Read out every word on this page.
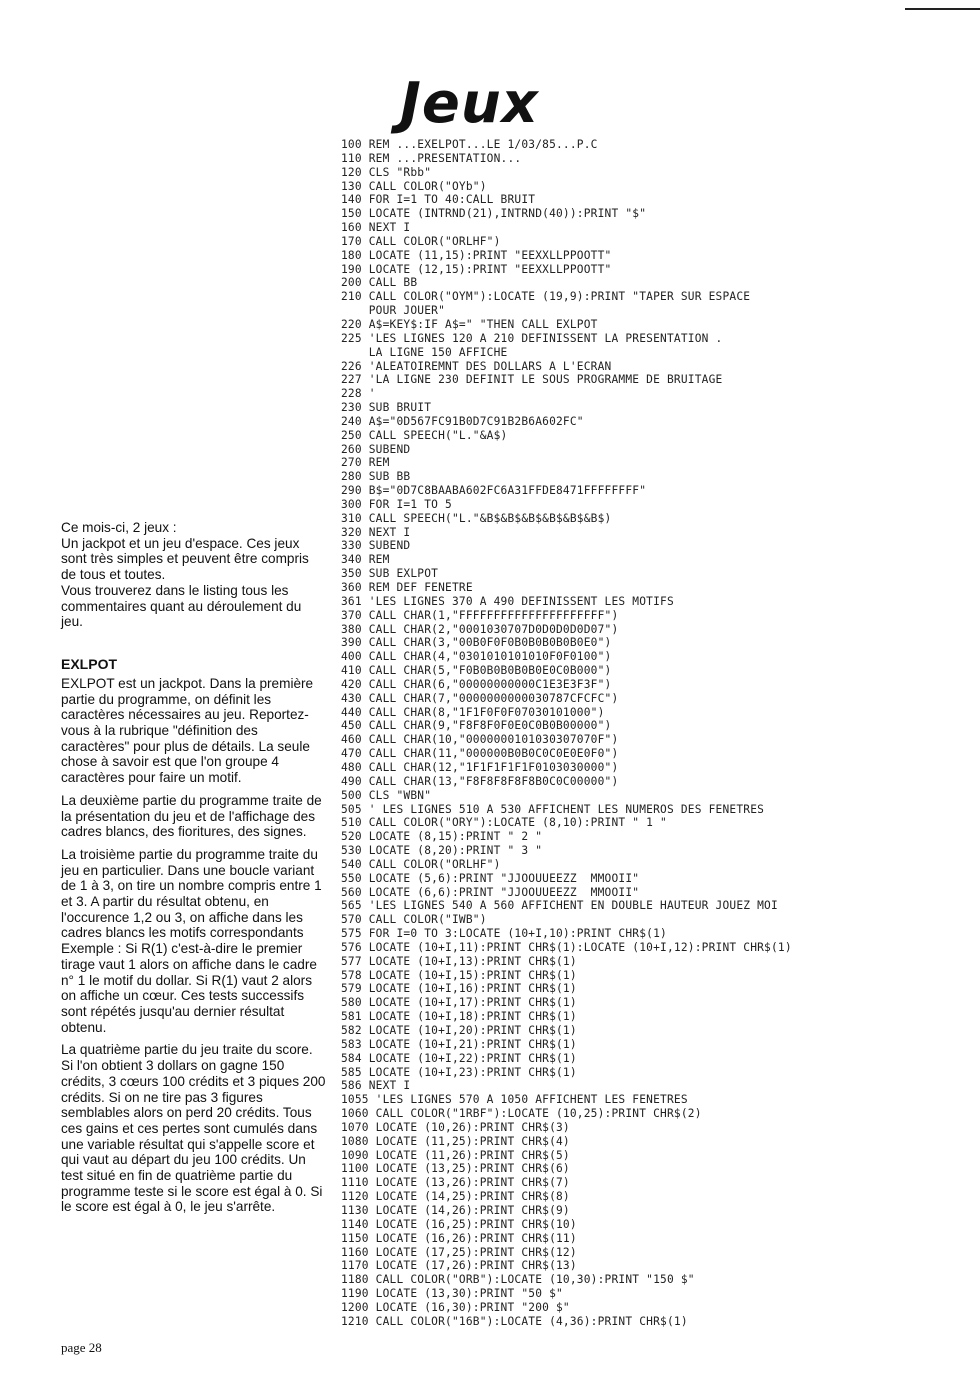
Jeux
100 REM ...EXELPOT...LE 1/03/85...P.C
110 REM ...PRESENTATION...
120 CLS "Rbb"
130 CALL COLOR("OYb")
140 FOR I=1 TO 40:CALL BRUIT
150 LOCATE (INTRND(21),INTRND(40)):PRINT "$"
160 NEXT I
170 CALL COLOR("ORLHF")
180 LOCATE (11,15):PRINT "EEXXLLPPOOTT"
190 LOCATE (12,15):PRINT "EEXXLLPPOOTT"
200 CALL BB
210 CALL COLOR("OYM"):LOCATE (19,9):PRINT "TAPER SUR ESPACE
POUR JOUER"
220 A$=KEY$:IF A$=" "THEN CALL EXLPOT
225 'LES LIGNES 120 A 210 DEFINISSENT LA PRESENTATION .
LA LIGNE 150 AFFICHE
226 'ALEATOIREMNT DES DOLLARS A L'ECRAN
227 'LA LIGNE 230 DEFINIT LE SOUS PROGRAMME DE BRUITAGE
228 '
230 SUB BRUIT
240 A$="0D567FC91B0D7C91B2B6A602FC"
250 CALL SPEECH("L."&A$)
260 SUBEND
270 REM
280 SUB BB
290 B$="0D7C8BAABA602FC6A31FFDE8471FFFFFFFF"
300 FOR I=1 TO 5
310 CALL SPEECH("L."&B$&B$&B$&B$&B$&B$)
320 NEXT I
330 SUBEND
340 REM
350 SUB EXLPOT
360 REM DEF FENETRE
361 'LES LIGNES 370 A 490 DEFINISSENT LES MOTIFS
370 CALL CHAR(1,"FFFFFFFFFFFFFFFFFFFFF")
380 CALL CHAR(2,"0001030707D0D0D0D0D07")
390 CALL CHAR(3,"00B0F0F0B0B0B0B0B0E0")
400 CALL CHAR(4,"0301010101010F0F0100")
410 CALL CHAR(5,"F0B0B0B0B0B0E0C0B000")
420 CALL CHAR(6,"00000000000C1E3E3F3F")
430 CALL CHAR(7,"0000000000030787CFCFC")
440 CALL CHAR(8,"1F1F0F0F07030101000")
450 CALL CHAR(9,"F8F8F0F0E0C0B0B00000")
460 CALL CHAR(10,"0000000101030307070F")
470 CALL CHAR(11,"000000B0B0C0C0E0E0F0")
480 CALL CHAR(12,"1F1F1F1F1F0103030000")
490 CALL CHAR(13,"F8F8F8F8F8B0C0C00000")
500 CLS "WBN"
505 ' LES LIGNES 510 A 530 AFFICHENT LES NUMEROS DES FENETRES
510 CALL COLOR("ORY"):LOCATE (8,10):PRINT " 1 "
520 LOCATE (8,15):PRINT " 2 "
530 LOCATE (8,20):PRINT " 3 "
540 CALL COLOR("ORLHF")
550 LOCATE (5,6):PRINT "JJOOUUEEZZ  MMOOII"
560 LOCATE (6,6):PRINT "JJOOUUEEZZ  MMOOII"
565 'LES LIGNES 540 A 560 AFFICHENT EN DOUBLE HAUTEUR JOUEZ MOI
570 CALL COLOR("IWB")
575 FOR I=0 TO 3:LOCATE (10+I,10):PRINT CHR$(1)
576 LOCATE (10+I,11):PRINT CHR$(1):LOCATE (10+I,12):PRINT CHR$(1)
577 LOCATE (10+I,13):PRINT CHR$(1)
578 LOCATE (10+I,15):PRINT CHR$(1)
579 LOCATE (10+I,16):PRINT CHR$(1)
580 LOCATE (10+I,17):PRINT CHR$(1)
581 LOCATE (10+I,18):PRINT CHR$(1)
582 LOCATE (10+I,20):PRINT CHR$(1)
583 LOCATE (10+I,21):PRINT CHR$(1)
584 LOCATE (10+I,22):PRINT CHR$(1)
585 LOCATE (10+I,23):PRINT CHR$(1)
586 NEXT I
1055 'LES LIGNES 570 A 1050 AFFICHENT LES FENETRES
1060 CALL COLOR("1RBF"):LOCATE (10,25):PRINT CHR$(2)
1070 LOCATE (10,26):PRINT CHR$(3)
1080 LOCATE (11,25):PRINT CHR$(4)
1090 LOCATE (11,26):PRINT CHR$(5)
1100 LOCATE (13,25):PRINT CHR$(6)
1110 LOCATE (13,26):PRINT CHR$(7)
1120 LOCATE (14,25):PRINT CHR$(8)
1130 LOCATE (14,26):PRINT CHR$(9)
1140 LOCATE (16,25):PRINT CHR$(10)
1150 LOCATE (16,26):PRINT CHR$(11)
1160 LOCATE (17,25):PRINT CHR$(12)
1170 LOCATE (17,26):PRINT CHR$(13)
1180 CALL COLOR("ORB"):LOCATE (10,30):PRINT "150 $"
1190 LOCATE (13,30):PRINT "50 $"
1200 LOCATE (16,30):PRINT "200 $"
1210 CALL COLOR("16B"):LOCATE (4,36):PRINT CHR$(1)

Ce mois-ci, 2 jeux :

Un jackpot et un jeu d'espace. Ces jeux sont très simples et peuvent être compris de tous et toutes.

Vous trouverez dans le listing tous les commentaires quant au déroulement du jeu.

EXLPOT

EXLPOT est un jackpot. Dans la première partie du programme, on définit les caractères nécessaires au jeu. Reportez-vous à la rubrique "définition des caractères" pour plus de détails. La seule chose à savoir est que l'on groupe 4 caractères pour faire un motif.

La deuxième partie du programme traite de la présentation du jeu et de l'affichage des cadres blancs, des fioritures, des signes.

La troisième partie du programme traite du jeu en particulier. Dans une boucle variant de 1 à 3, on tire un nombre compris entre 1 et 3. A partir du résultat obtenu, en l'occurence 1,2 ou 3, on affiche dans les cadres blancs les motifs correspondants Exemple : Si R(1) c'est-à-dire le premier tirage vaut 1 alors on affiche dans le cadre n° 1 le motif du dollar. Si R(1) vaut 2 alors on affiche un cœur. Ces tests successifs sont répétés jusqu'au dernier résultat obtenu.

La quatrième partie du jeu traite du score. Si l'on obtient 3 dollars on gagne 150 crédits, 3 cœurs 100 crédits et 3 piques 200 crédits. Si on ne tire pas 3 figures semblables alors on perd 20 crédits. Tous ces gains et ces pertes sont cumulés dans une variable résultat qui s'appelle score et qui vaut au départ du jeu 100 crédits. Un test situé en fin de quatrième partie du programme teste si le score est égal à 0. Si le score est égal à 0, le jeu s'arrête.

page 28
